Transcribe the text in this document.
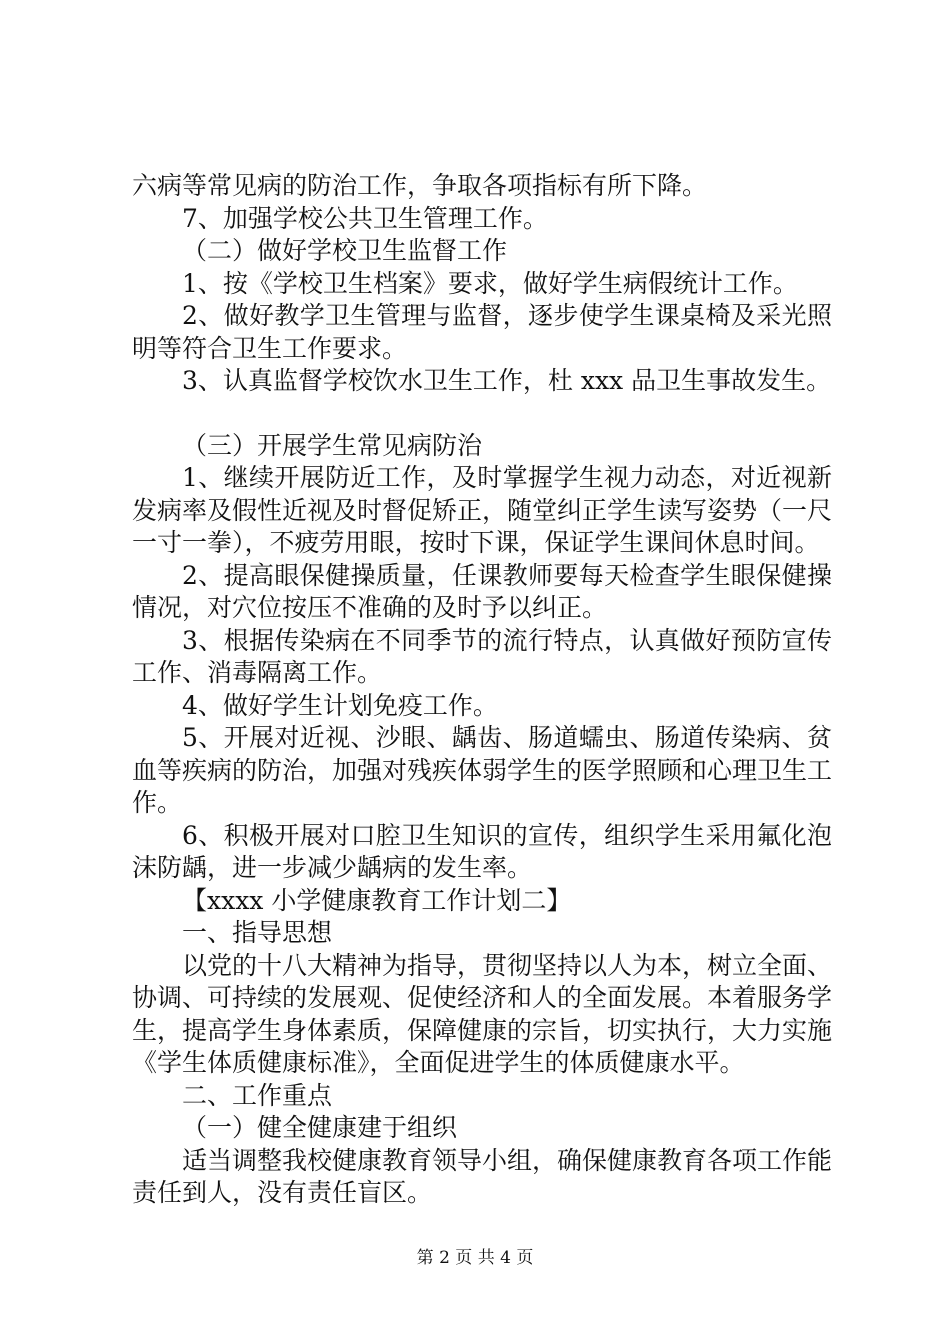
六病等常见病的防治工作，争取各项指标有所下降。

7、加强学校公共卫生管理工作。

（二）做好学校卫生监督工作

1、按《学校卫生档案》要求，做好学生病假统计工作。

2、做好教学卫生管理与监督，逐步使学生课桌椅及采光照明等符合卫生工作要求。

3、认真监督学校饮水卫生工作，杜 xxx 品卫生事故发生。

（三）开展学生常见病防治

1、继续开展防近工作，及时掌握学生视力动态，对近视新发病率及假性近视及时督促矫正，随堂纠正学生读写姿势（一尺一寸一拳），不疲劳用眼，按时下课，保证学生课间休息时间。

2、提高眼保健操质量，任课教师要每天检查学生眼保健操情况，对穴位按压不准确的及时予以纠正。

3、根据传染病在不同季节的流行特点，认真做好预防宣传工作、消毒隔离工作。

4、做好学生计划免疫工作。

5、开展对近视、沙眼、龋齿、肠道蠕虫、肠道传染病、贫血等疾病的防治，加强对残疾体弱学生的医学照顾和心理卫生工作。

6、积极开展对口腔卫生知识的宣传，组织学生采用氟化泡沫防龋，进一步减少龋病的发生率。

【xxxx 小学健康教育工作计划二】

一、指导思想

以党的十八大精神为指导，贯彻坚持以人为本，树立全面、协调、可持续的发展观、促使经济和人的全面发展。本着服务学生，提高学生身体素质，保障健康的宗旨，切实执行，大力实施《学生体质健康标准》，全面促进学生的体质健康水平。

二、工作重点

（一）健全健康建于组织

适当调整我校健康教育领导小组，确保健康教育各项工作能责任到人，没有责任盲区。

第 2 页 共 4 页
